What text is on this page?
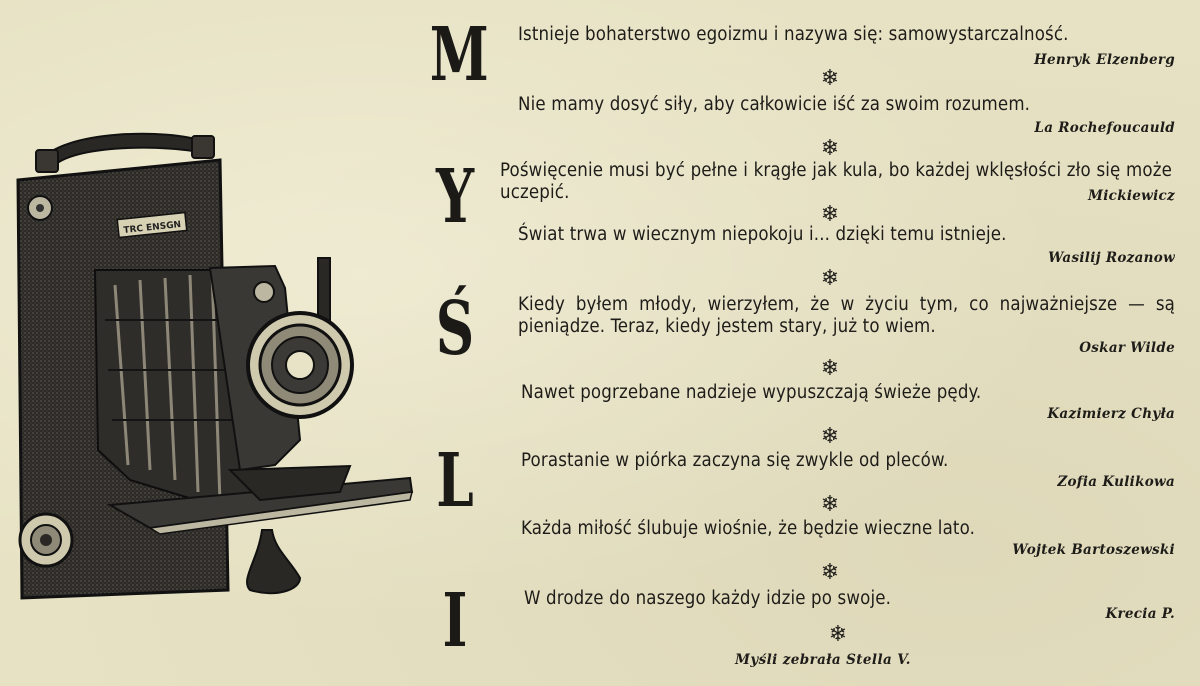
TRC ENSGN
M
Y
Ś
L
I
Istnieje bohaterstwo egoizmu i nazywa się: samowystarczalność.
Henryk Elzenberg
❄
Nie mamy dosyć siły, aby całkowicie iść za swoim rozumem.
La Rochefoucauld
❄
Poświęcenie musi być pełne i krągłe jak kula, bo każdej wklęsłości zło się może uczepić.	Mickiewicz
❄
Świat trwa w wiecznym niepokoju i... dzięki temu istnieje.
Wasilij Rozanow
❄
Kiedy byłem młody, wierzyłem, że w życiu tym, co najważniejsze — są pieniądze. Teraz, kiedy jestem stary, już to wiem.
Oskar Wilde
❄
Nawet pogrzebane nadzieje wypuszczają świeże pędy.
Kazimierz Chyła
❄
Porastanie w piórka zaczyna się zwykle od pleców.
Zofia Kulikowa
❄
Każda miłość ślubuje wiośnie, że będzie wieczne lato.
Wojtek Bartoszewski
❄
W drodze do naszego każdy idzie po swoje.
Krecia P.
❄
Myśli zebrała Stella V.
